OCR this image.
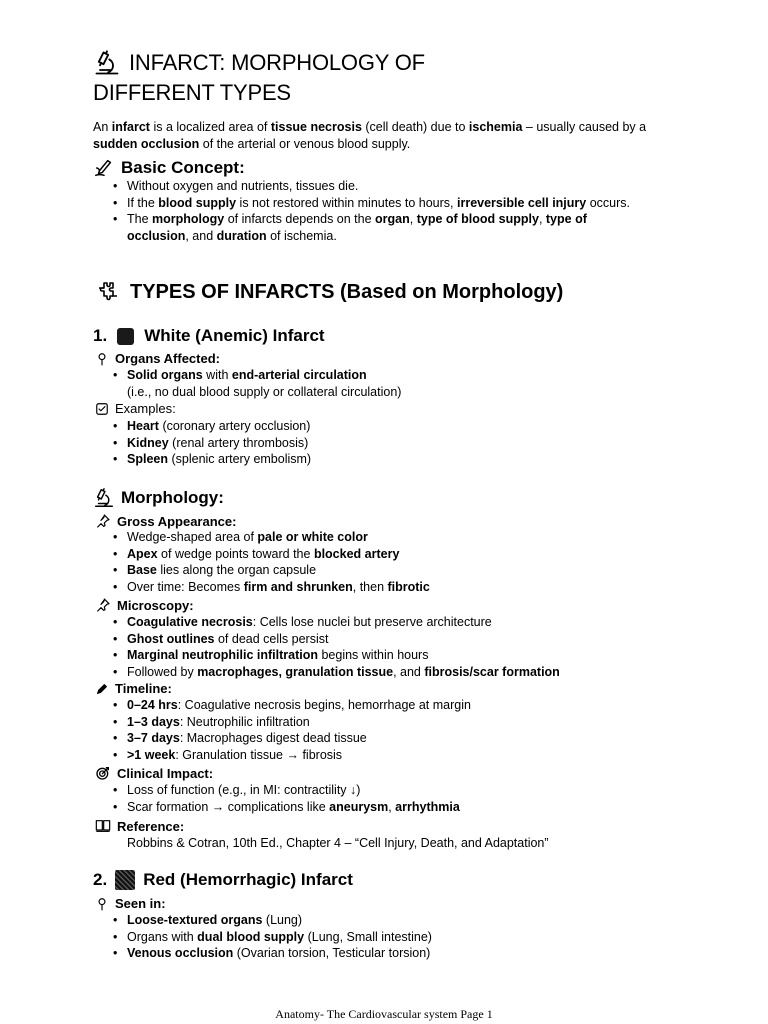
INFARCT: MORPHOLOGY OF
DIFFERENT TYPES
An infarct is a localized area of tissue necrosis (cell death) due to ischemia – usually caused by a sudden occlusion of the arterial or venous blood supply.
Basic Concept:
• Without oxygen and nutrients, tissues die.
• If the blood supply is not restored within minutes to hours, irreversible cell injury occurs.
• The morphology of infarcts depends on the organ, type of blood supply, type of occlusion, and duration of ischemia.
TYPES OF INFARCTS (Based on Morphology)
1. White (Anemic) Infarct
Organs Affected:
• Solid organs with end-arterial circulation
(i.e., no dual blood supply or collateral circulation)
Examples:
• Heart (coronary artery occlusion)
• Kidney (renal artery thrombosis)
• Spleen (splenic artery embolism)
Morphology:
Gross Appearance:
• Wedge-shaped area of pale or white color
• Apex of wedge points toward the blocked artery
• Base lies along the organ capsule
• Over time: Becomes firm and shrunken, then fibrotic
Microscopy:
• Coagulative necrosis: Cells lose nuclei but preserve architecture
• Ghost outlines of dead cells persist
• Marginal neutrophilic infiltration begins within hours
• Followed by macrophages, granulation tissue, and fibrosis/scar formation
Timeline:
• 0–24 hrs: Coagulative necrosis begins, hemorrhage at margin
• 1–3 days: Neutrophilic infiltration
• 3–7 days: Macrophages digest dead tissue
• >1 week: Granulation tissue → fibrosis
Clinical Impact:
• Loss of function (e.g., in MI: contractility ↓)
• Scar formation → complications like aneurysm, arrhythmia
Reference:
Robbins & Cotran, 10th Ed., Chapter 4 – “Cell Injury, Death, and Adaptation”
2. Red (Hemorrhagic) Infarct
Seen in:
• Loose-textured organs (Lung)
• Organs with dual blood supply (Lung, Small intestine)
• Venous occlusion (Ovarian torsion, Testicular torsion)
Anatomy- The Cardiovascular system Page 1
